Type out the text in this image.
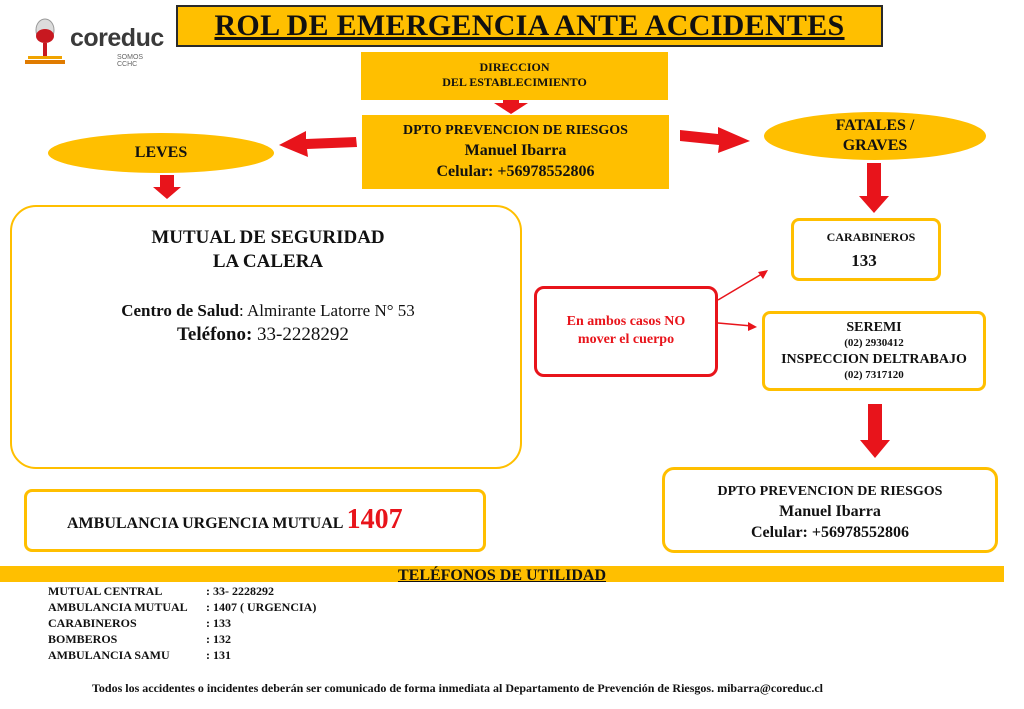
coreduc
SOMOS CCHC
ROL DE EMERGENCIA ANTE ACCIDENTES
DIRECCION
DEL ESTABLECIMIENTO
DPTO PREVENCION DE RIESGOS
Manuel Ibarra
Celular: +56978552806
LEVES
FATALES /
GRAVES
MUTUAL DE SEGURIDAD
LA CALERA
Centro de Salud: Almirante Latorre N° 53
Teléfono: 33-2228292
En ambos casos NO
mover el cuerpo
CARABINEROS
133
SEREMI
(02) 2930412
INSPECCION DELTRABAJO
(02) 7317120
AMBULANCIA URGENCIA MUTUAL 1407
DPTO PREVENCION DE RIESGOS
Manuel Ibarra
Celular: +56978552806
TELÉFONOS DE UTILIDAD
MUTUAL CENTRAL	: 33- 2228292
AMBULANCIA MUTUAL	: 1407 ( URGENCIA)
CARABINEROS	: 133
BOMBEROS	: 132
AMBULANCIA SAMU	: 131
Todos los accidentes o incidentes deberán ser comunicado de forma inmediata al Departamento de Prevención de Riesgos. mibarra@coreduc.cl
